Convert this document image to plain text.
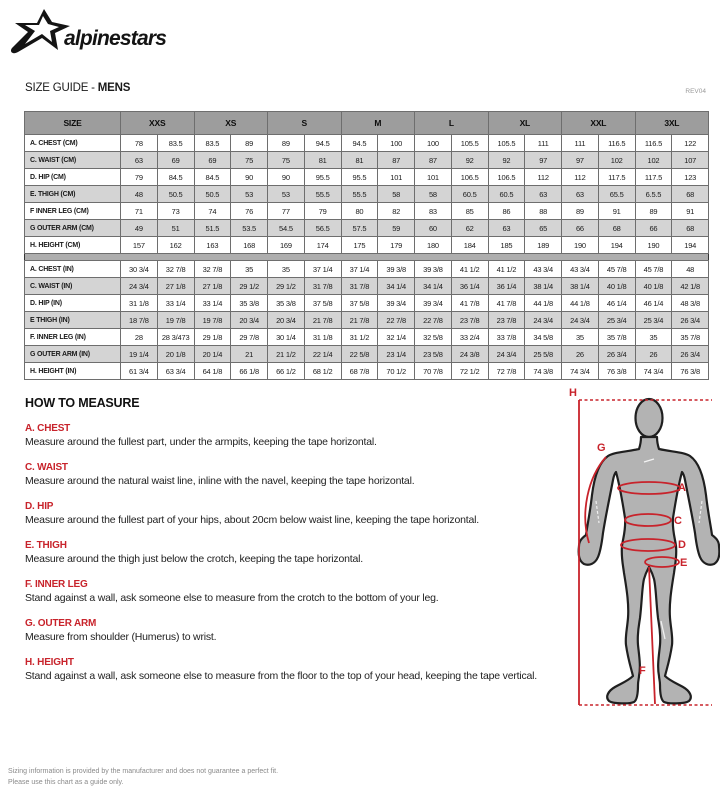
alpinestars
SIZE GUIDE - MENS	REV04
SIZE	XXS		XS		S		M		L		XL		XXL		3XL	
A. CHEST (CM)	78	83.5	83.5	89	89	94.5	94.5	100	100	105.5	105.5	111	111	116.5	116.5	122
C. WAIST (CM)	63	69	69	75	75	81	81	87	87	92	92	97	97	102	102	107
D. HIP (CM)	79	84.5	84.5	90	90	95.5	95.5	101	101	106.5	106.5	112	112	117.5	117.5	123
E. THIGH (CM)	48	50.5	50.5	53	53	55.5	55.5	58	58	60.5	60.5	63	63	65.5	6.5.5	68
F INNER LEG (CM)	71	73	74	76	77	79	80	82	83	85	86	88	89	91	89	91
G OUTER ARM (CM)	49	51	51.5	53.5	54.5	56.5	57.5	59	60	62	63	65	66	68	66	68
H. HEIGHT (CM)	157	162	163	168	169	174	175	179	180	184	185	189	190	194	190	194

A. CHEST (IN)	30 3/4	32 7/8	32 7/8	35	35	37 1/4	37 1/4	39 3/8	39 3/8	41 1/2	41 1/2	43 3/4	43 3/4	45 7/8	45 7/8	48
C. WAIST (IN)	24 3/4	27 1/8	27 1/8	29 1/2	29 1/2	31 7/8	31 7/8	34 1/4	34 1/4	36 1/4	36 1/4	38 1/4	38 1/4	40 1/8	40 1/8	42 1/8
D. HIP (IN)	31 1/8	33 1/4	33 1/4	35 3/8	35 3/8	37 5/8	37 5/8	39 3/4	39 3/4	41 7/8	41 7/8	44 1/8	44 1/8	46 1/4	46 1/4	48 3/8
E THIGH (IN)	18 7/8	19 7/8	19 7/8	20 3/4	20 3/4	21 7/8	21 7/8	22 7/8	22 7/8	23 7/8	23 7/8	24 3/4	24 3/4	25 3/4	25 3/4	26 3/4
F. INNER LEG (IN)	28	28 3/473	29 1/8	29 7/8	30 1/4	31 1/8	31 1/2	32 1/4	32 5/8	33 2/4	33 7/8	34 5/8	35	35 7/8	35	35 7/8
G OUTER ARM (IN)	19 1/4	20 1/8	20 1/4	21	21 1/2	22 1/4	22 5/8	23 1/4	23 5/8	24 3/8	24 3/4	25 5/8	26	26 3/4	26	26 3/4
H. HEIGHT (IN)	61 3/4	63 3/4	64 1/8	66 1/8	66 1/2	68 1/2	68 7/8	70 1/2	70 7/8	72 1/2	72 7/8	74 3/8	74 3/4	76 3/8	74 3/4	76 3/8
HOW TO MEASURE
A. CHEST
Measure around the fullest part, under the armpits, keeping the tape horizontal.
C. WAIST
Measure around the natural waist line, inline with the navel, keeping the tape horizontal.
D. HIP
Measure around the fullest part of your hips, about 20cm below waist line, keeping the tape horizontal.
E. THIGH
Measure around the thigh just below the crotch, keeping the tape horizontal.
F. INNER LEG
Stand against a wall, ask someone else to measure from the crotch to the bottom of your leg.
G. OUTER ARM
Measure from shoulder (Humerus) to wrist.
H. HEIGHT
Stand against a wall, ask someone else to measure from the floor to the top of your head, keeping the tape vertical.
H
G
A
C
D
E
F
Sizing information is provided by the manufacturer and does not guarantee a perfect fit.
Please use this chart as a guide only.
